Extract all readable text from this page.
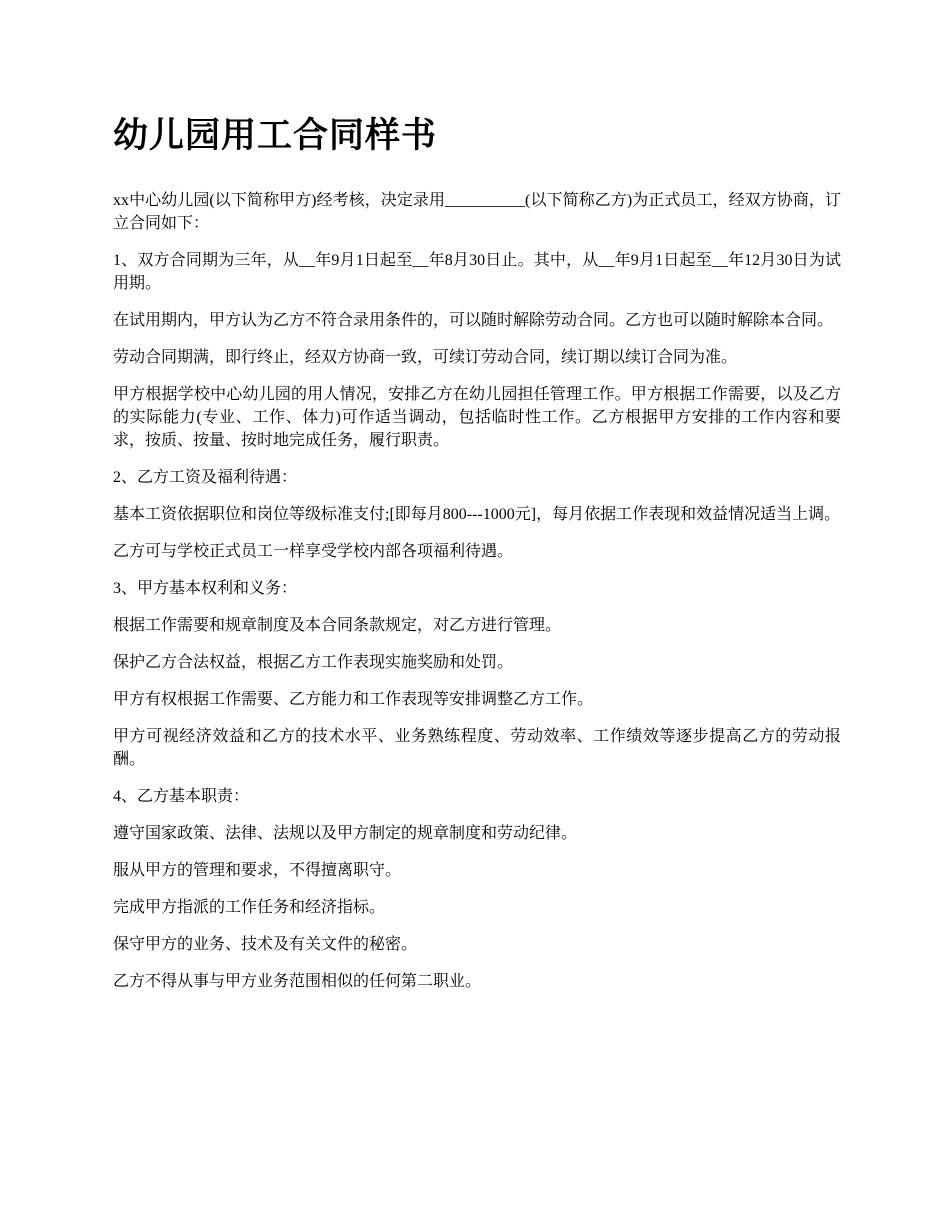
幼儿园用工合同样书

xx中心幼儿园(以下简称甲方)经考核，决定录用__________(以下简称乙方)为正式员工，经双方协商，订立合同如下：

1、双方合同期为三年，从__年9月1日起至__年8月30日止。其中，从__年9月1日起至__年12月30日为试用期。

在试用期内，甲方认为乙方不符合录用条件的，可以随时解除劳动合同。乙方也可以随时解除本合同。

劳动合同期满，即行终止，经双方协商一致，可续订劳动合同，续订期以续订合同为准。

甲方根据学校中心幼儿园的用人情况，安排乙方在幼儿园担任管理工作。甲方根据工作需要，以及乙方的实际能力(专业、工作、体力)可作适当调动，包括临时性工作。乙方根据甲方安排的工作内容和要求，按质、按量、按时地完成任务，履行职责。

2、乙方工资及福利待遇：

基本工资依据职位和岗位等级标准支付;[即每月800---1000元]，每月依据工作表现和效益情况适当上调。

乙方可与学校正式员工一样享受学校内部各项福利待遇。

3、甲方基本权利和义务：

根据工作需要和规章制度及本合同条款规定，对乙方进行管理。

保护乙方合法权益，根据乙方工作表现实施奖励和处罚。

甲方有权根据工作需要、乙方能力和工作表现等安排调整乙方工作。

甲方可视经济效益和乙方的技术水平、业务熟练程度、劳动效率、工作绩效等逐步提高乙方的劳动报酬。

4、乙方基本职责：

遵守国家政策、法律、法规以及甲方制定的规章制度和劳动纪律。

服从甲方的管理和要求，不得擅离职守。

完成甲方指派的工作任务和经济指标。

保守甲方的业务、技术及有关文件的秘密。

乙方不得从事与甲方业务范围相似的任何第二职业。
